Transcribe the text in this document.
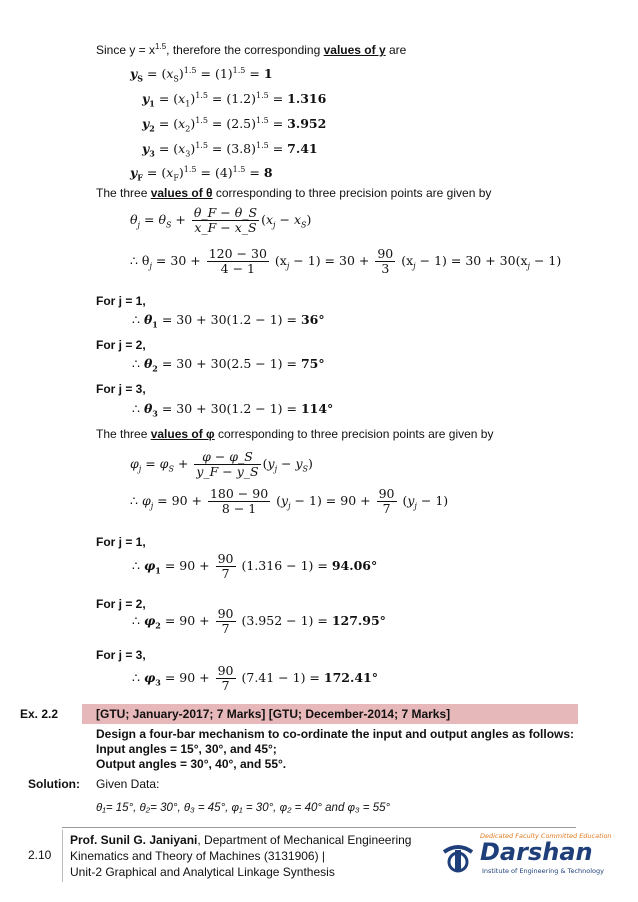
Since $y = x^{1.5}$, therefore the corresponding values of y are
$y_S = (x_S)^{1.5} = (1)^{1.5} = 1$
$y_1 = (x_1)^{1.5} = (1.2)^{1.5} = 1.316$
$y_2 = (x_2)^{1.5} = (2.5)^{1.5} = 3.952$
$y_3 = (x_3)^{1.5} = (3.8)^{1.5} = 7.41$
$y_F = (x_F)^{1.5} = (4)^{1.5} = 8$
The three values of θ corresponding to three precision points are given by
$\theta_j = \theta_S + \frac{\theta\_F - \theta\_S}{x\_F - x\_S} (x_j - x_S)$
∴ $\theta_j = 30 + \frac{120 - 30}{4 - 1} (x_j - 1) = 30 + \frac{90}{3} (x_j - 1) = 30 + 30(x_j - 1)$
For j = 1,
∴ $\theta_1 = 30 + 30(1.2 - 1) = 36^\circ$
For j = 2,
∴ $\theta_2 = 30 + 30(2.5 - 1) = 75^\circ$
For j = 3,
∴ $\theta_3 = 30 + 30(1.2 - 1) = 114^\circ$
The three values of φ corresponding to three precision points are given by
$\varphi_j = \varphi_S + \frac{\varphi - \varphi\_S}{y\_F - y\_S} (y_j - y_S)$
∴ $\varphi_j = 90 + \frac{180 - 90}{8 - 1} (y_j - 1) = 90 + \frac{90}{7} (y_j - 1)$
For j = 1,
∴ $\varphi_1 = 90 + \frac{90}{7} (1.316 - 1) = 94.06^\circ$
For j = 2,
∴ $\varphi_2 = 90 + \frac{90}{7} (3.952 - 1) = 127.95^\circ$
For j = 3,
∴ $\varphi_3 = 90 + \frac{90}{7} (7.41 - 1) = 172.41^\circ$
Ex. 2.2	[GTU; January-2017; 7 Marks] [GTU; December-2014; 7 Marks]
Design a four-bar mechanism to co-ordinate the input and output angles as follows:
Input angles = 15°, 30°, and 45°;
Output angles = 30°, 40°, and 55°.
Solution: Given Data:
θ₁= 15°, θ₂= 30°, θ₃ = 45°, φ₁ = 30°, φ₂ = 40° and φ₃ = 55°
2.10
Prof. Sunil G. Janiyani, Department of Mechanical Engineering
Kinematics and Theory of Machines (3131906) |
Unit-2 Graphical and Analytical Linkage Synthesis
Dedicated Faculty Committed Education
Darshan
Institute of Engineering & Technology
